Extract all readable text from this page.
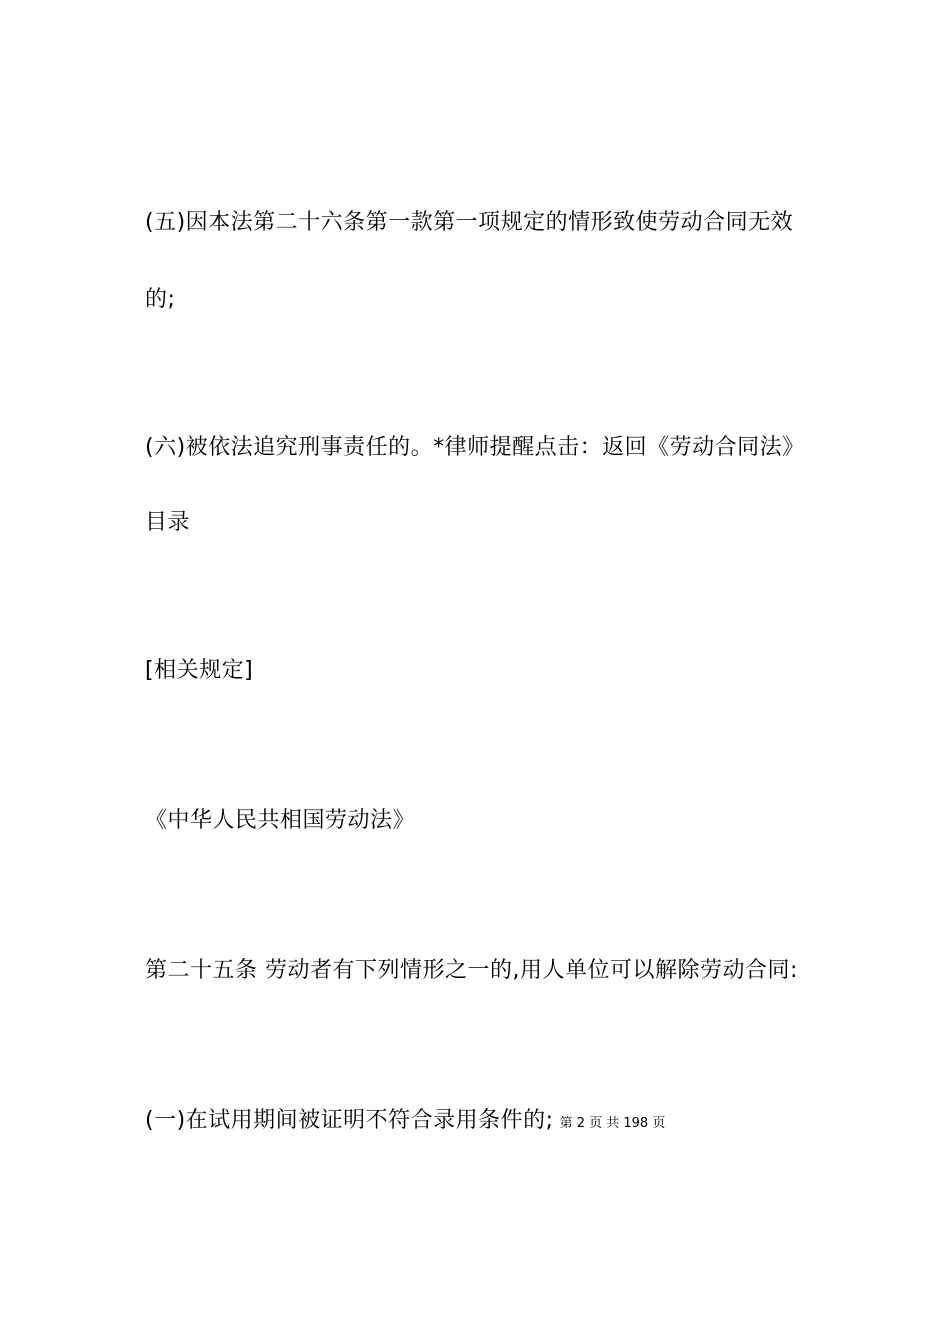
(五)因本法第二十六条第一款第一项规定的情形致使劳动合同无效
的;
(六)被依法追究刑事责任的。*律师提醒点击：返回《劳动合同法》
目录
[相关规定]
《中华人民共相国劳动法》
第二十五条 劳动者有下列情形之一的,用人单位可以解除劳动合同:
(一)在试用期间被证明不符合录用条件的; 第 2 页 共 198 页
